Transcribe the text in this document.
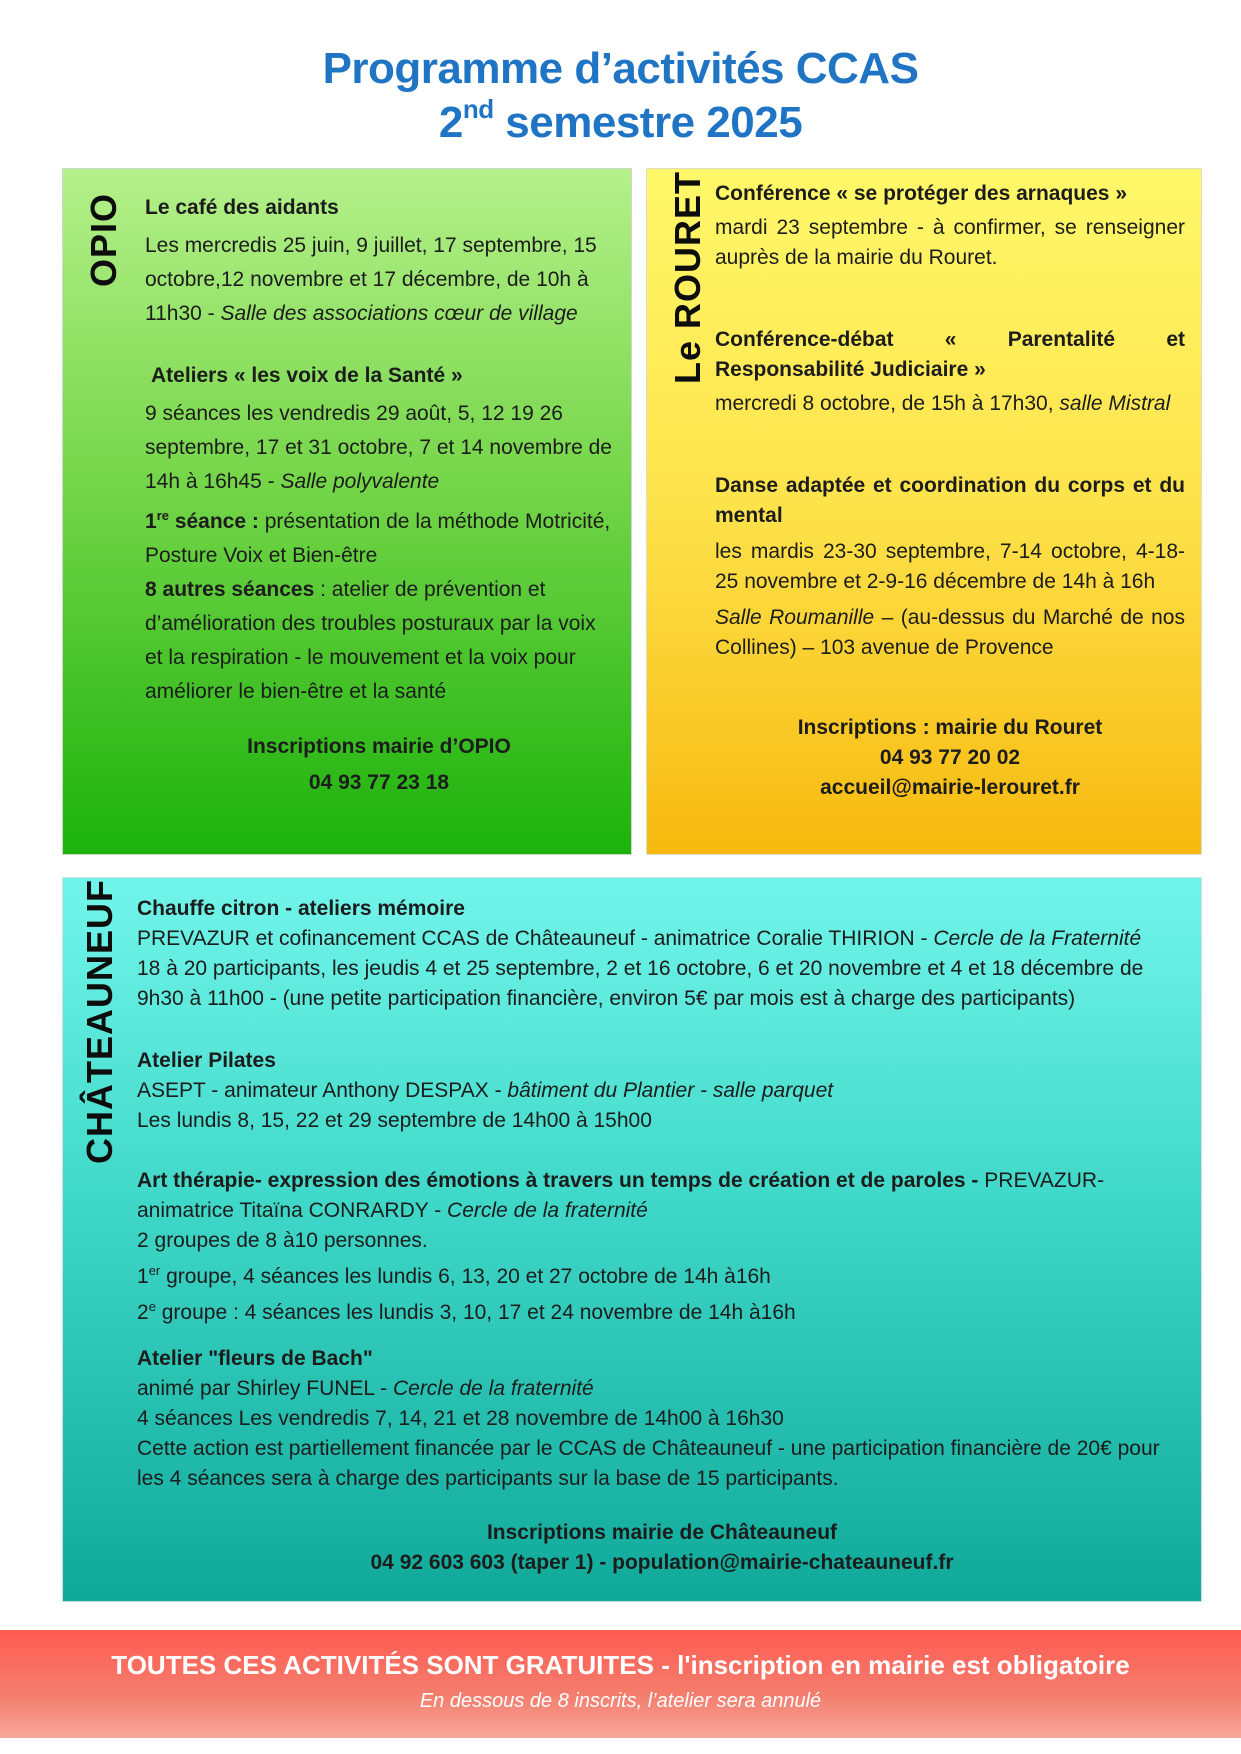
Programme d’activités CCAS
2nd semestre 2025
OPIO Le café des aidants

Les mercredis 25 juin, 9 juillet, 17 septembre, 15 octobre,12 novembre et 17 décembre, de 10h à 11h30 - Salle des associations cœur de village

Ateliers « les voix de la Santé »

9 séances les vendredis 29 août, 5, 12 19 26 septembre, 17 et 31 octobre, 7 et 14 novembre de 14h à 16h45 - Salle polyvalente

1re séance : présentation de la méthode Motricité, Posture Voix et Bien-être

8 autres séances : atelier de prévention et d’amélioration des troubles posturaux par la voix et la respiration - le mouvement et la voix pour améliorer le bien-être et la santé

Inscriptions mairie d’OPIO

04 93 77 23 18

Le ROURET Conférence « se protéger des arnaques »

mardi 23 septembre - à confirmer, se renseigner auprès de la mairie du Rouret.

Conférence-débat « Parentalité et Responsabilité Judiciaire »

mercredi 8 octobre, de 15h à 17h30, salle Mistral

Danse adaptée et coordination du corps et du mental

les mardis 23-30 septembre, 7-14 octobre, 4-18-25 novembre et 2-9-16 décembre de 14h à 16h

Salle Roumanille – (au-dessus du Marché de nos Collines) – 103 avenue de Provence

Inscriptions : mairie du Rouret

04 93 77 20 02

accueil@mairie-lerouret.fr

CHÂTEAUNEUF Chauffe citron - ateliers mémoire

PREVAZUR et cofinancement CCAS de Châteauneuf - animatrice Coralie THIRION - Cercle de la Fraternité

18 à 20 participants, les jeudis 4 et 25 septembre, 2 et 16 octobre, 6 et 20 novembre et 4 et 18 décembre de 9h30 à 11h00 - (une petite participation financière, environ 5€ par mois est à charge des participants)

Atelier Pilates

ASEPT - animateur Anthony DESPAX - bâtiment du Plantier - salle parquet

Les lundis 8, 15, 22 et 29 septembre de 14h00 à 15h00

Art thérapie- expression des émotions à travers un temps de création et de paroles - PREVAZUR-animatrice Titaïna CONRARDY - Cercle de la fraternité

2 groupes de 8 à10 personnes.

1er groupe, 4 séances les lundis 6, 13, 20 et 27 octobre de 14h à16h

2e groupe : 4 séances les lundis 3, 10, 17 et 24 novembre de 14h à16h

Atelier "fleurs de Bach"

animé par Shirley FUNEL - Cercle de la fraternité

4 séances Les vendredis 7, 14, 21 et 28 novembre de 14h00 à 16h30

Cette action est partiellement financée par le CCAS de Châteauneuf - une participation financière de 20€ pour les 4 séances sera à charge des participants sur la base de 15 participants.

Inscriptions mairie de Châteauneuf

04 92 603 603 (taper 1) - population@mairie-chateauneuf.fr

TOUTES CES ACTIVITÉS SONT GRATUITES - l'inscription en mairie est obligatoire
En dessous de 8 inscrits, l’atelier sera annulé
